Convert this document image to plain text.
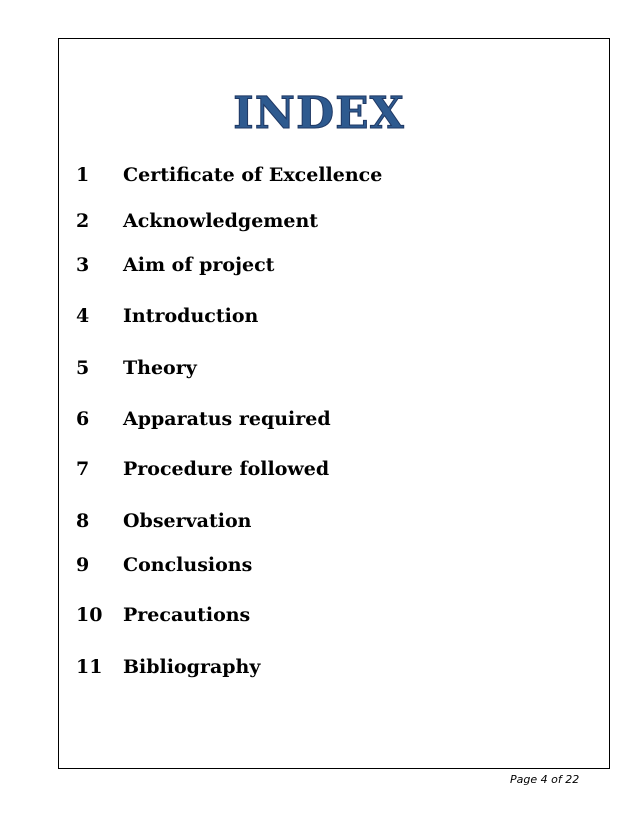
INDEX
1 Certificate of Excellence
2 Acknowledgement
3 Aim of project
4 Introduction
5 Theory
6 Apparatus required
7 Procedure followed
8 Observation
9 Conclusions
10 Precautions
11 Bibliography
Page 4 of 22
